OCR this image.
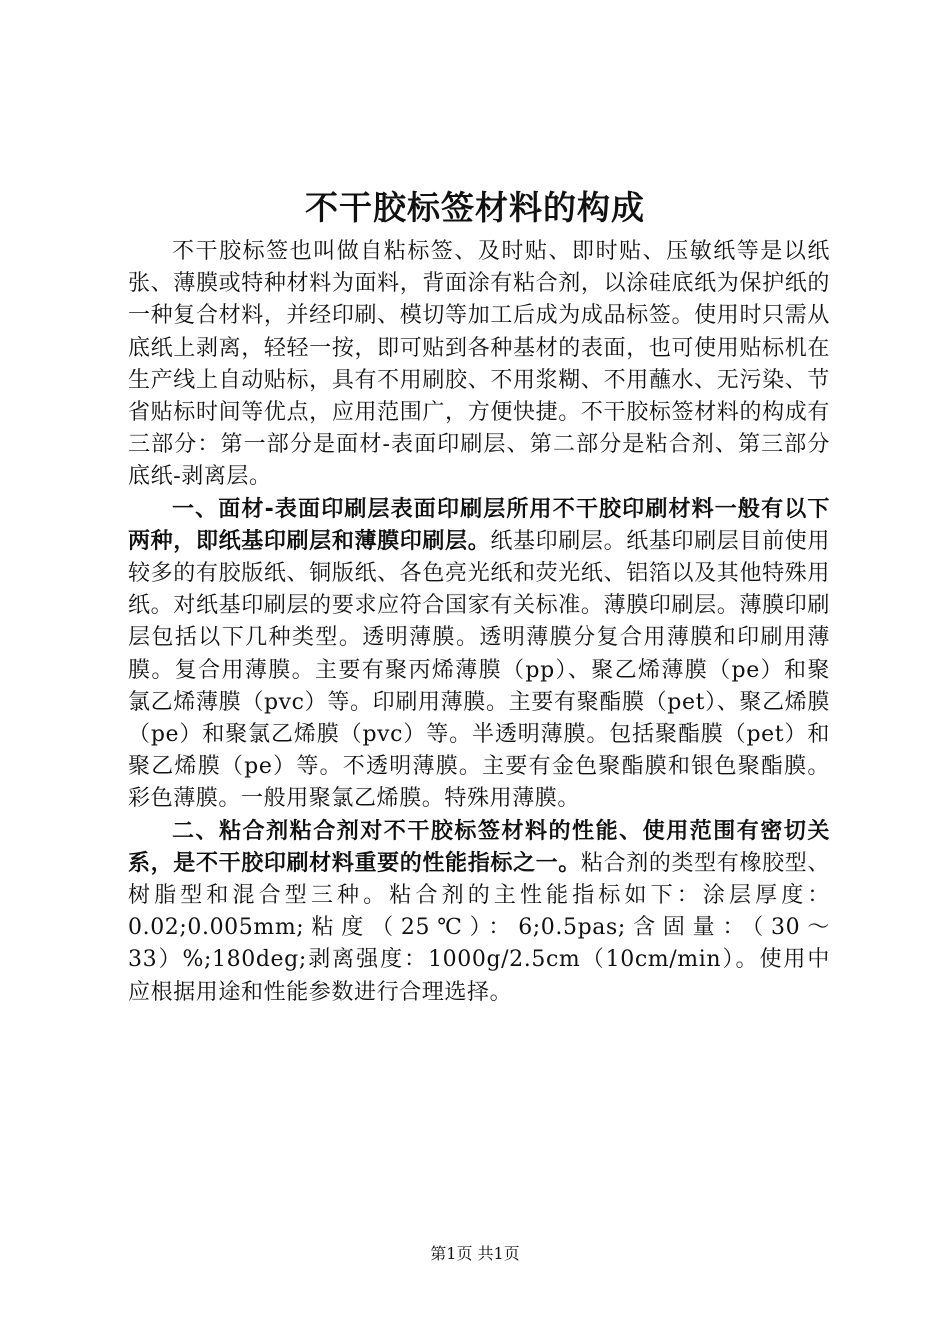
不干胶标签材料的构成

不干胶标签也叫做自粘标签、及时贴、即时贴、压敏纸等是以纸张、薄膜或特种材料为面料，背面涂有粘合剂，以涂硅底纸为保护纸的一种复合材料，并经印刷、模切等加工后成为成品标签。使用时只需从底纸上剥离，轻轻一按，即可贴到各种基材的表面，也可使用贴标机在生产线上自动贴标，具有不用刷胶、不用浆糊、不用蘸水、无污染、节省贴标时间等优点，应用范围广，方便快捷。不干胶标签材料的构成有三部分：第一部分是面材-表面印刷层、第二部分是粘合剂、第三部分底纸-剥离层。

一、面材-表面印刷层表面印刷层所用不干胶印刷材料一般有以下两种，即纸基印刷层和薄膜印刷层。纸基印刷层。纸基印刷层目前使用较多的有胶版纸、铜版纸、各色亮光纸和荧光纸、铝箔以及其他特殊用纸。对纸基印刷层的要求应符合国家有关标准。薄膜印刷层。薄膜印刷层包括以下几种类型。透明薄膜。透明薄膜分复合用薄膜和印刷用薄膜。复合用薄膜。主要有聚丙烯薄膜（pp）、聚乙烯薄膜（pe）和聚氯乙烯薄膜（pvc）等。印刷用薄膜。主要有聚酯膜（pet）、聚乙烯膜（pe）和聚氯乙烯膜（pvc）等。半透明薄膜。包括聚酯膜（pet）和聚乙烯膜（pe）等。不透明薄膜。主要有金色聚酯膜和银色聚酯膜。彩色薄膜。一般用聚氯乙烯膜。特殊用薄膜。

二、粘合剂粘合剂对不干胶标签材料的性能、使用范围有密切关系，是不干胶印刷材料重要的性能指标之一。粘合剂的类型有橡胶型、树脂型和混合型三种。粘合剂的主性能指标如下：涂层厚度：0.02;0.005mm;粘度（25℃）：6;0.5pas;含固量：（30～33）%;180deg;剥离强度：1000g/2.5cm（10cm/min）。使用中应根据用途和性能参数进行合理选择。

第1页 共1页
